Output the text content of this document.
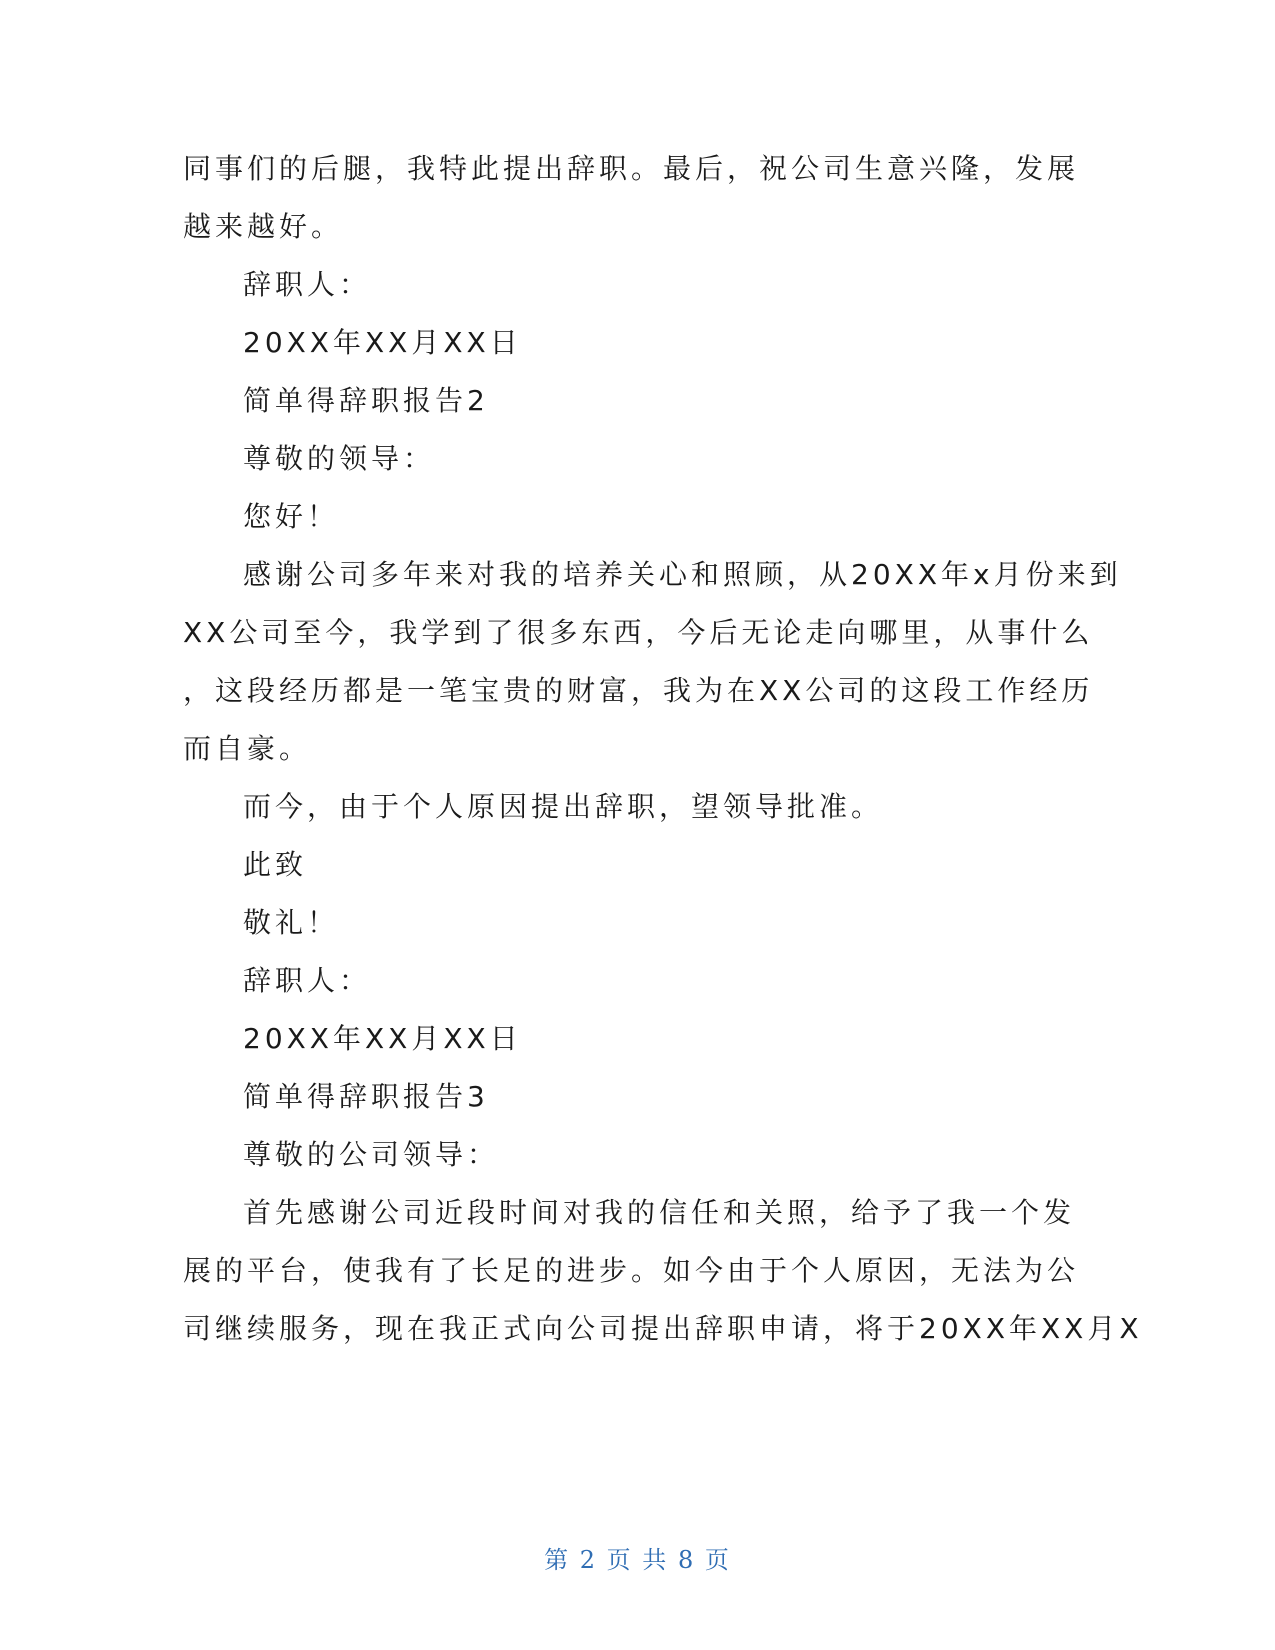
同事们的后腿，我特此提出辞职。最后，祝公司生意兴隆，发展
越来越好。
辞职人：
20XX年XX月XX日
简单得辞职报告2
尊敬的领导：
您好！
感谢公司多年来对我的培养关心和照顾，从20XX年x月份来到
XX公司至今，我学到了很多东西，今后无论走向哪里，从事什么
，这段经历都是一笔宝贵的财富，我为在XX公司的这段工作经历
而自豪。
而今，由于个人原因提出辞职，望领导批准。
此致
敬礼！
辞职人：
20XX年XX月XX日
简单得辞职报告3
尊敬的公司领导：
首先感谢公司近段时间对我的信任和关照，给予了我一个发
展的平台，使我有了长足的进步。如今由于个人原因，无法为公
司继续服务，现在我正式向公司提出辞职申请，将于20XX年XX月X
第 2 页 共 8 页
